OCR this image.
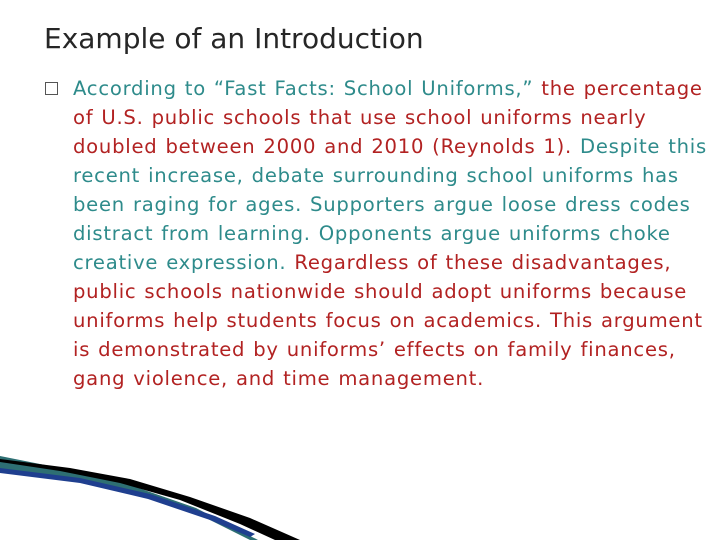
Example of an Introduction
According to “Fast Facts: School Uniforms,” the percentage of U.S. public schools that use school uniforms nearly doubled between 2000 and 2010 (Reynolds 1). Despite this recent increase, debate surrounding school uniforms has been raging for ages. Supporters argue loose dress codes distract from learning. Opponents argue uniforms choke creative expression. Regardless of these disadvantages, public schools nationwide should adopt uniforms because uniforms help students focus on academics. This argument is demonstrated by uniforms’ effects on family finances, gang violence, and time management.
